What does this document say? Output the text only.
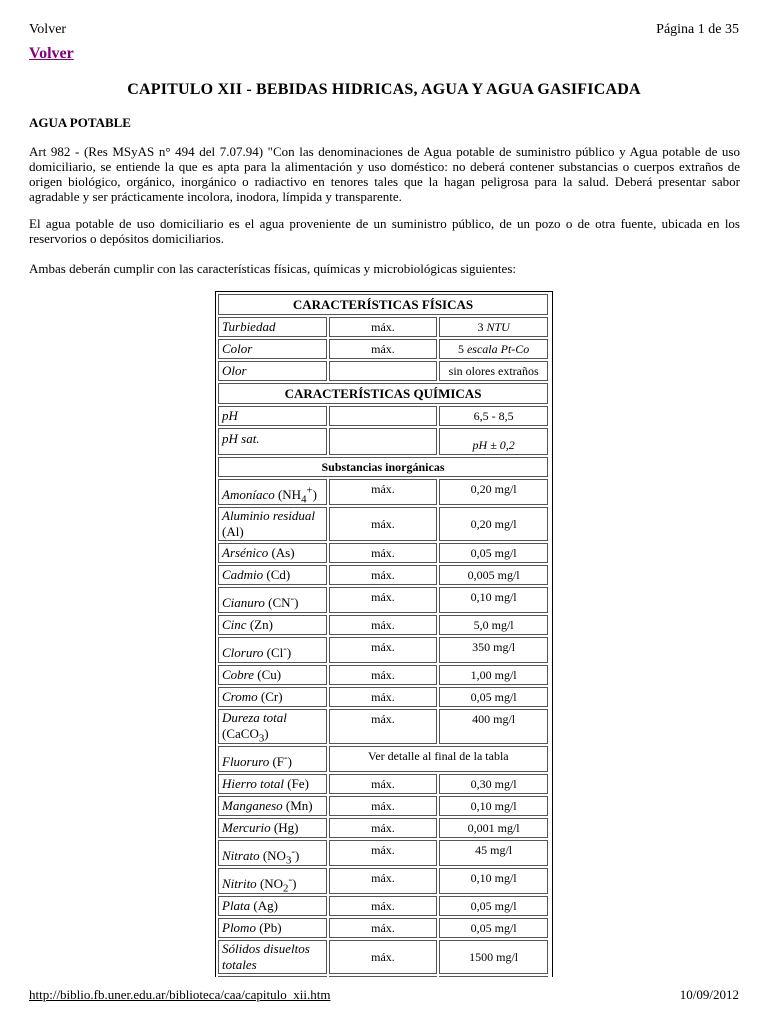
Volver	Página 1 de 35
Volver
CAPITULO XII - BEBIDAS HIDRICAS, AGUA Y AGUA GASIFICADA
AGUA POTABLE
Art 982 - (Res MSyAS n° 494 del 7.07.94) "Con las denominaciones de Agua potable de suministro público y Agua potable de uso domiciliario, se entiende la que es apta para la alimentación y uso doméstico: no deberá contener substancias o cuerpos extraños de origen biológico, orgánico, inorgánico o radiactivo en tenores tales que la hagan peligrosa para la salud. Deberá presentar sabor agradable y ser prácticamente incolora, inodora, límpida y transparente.
El agua potable de uso domiciliario es el agua proveniente de un suministro público, de un pozo o de otra fuente, ubicada en los reservorios o depósitos domiciliarios.
Ambas deberán cumplir con las características físicas, químicas y microbiológicas siguientes:
CARACTERÍSTICAS FÍSICAS		
Turbiedad	máx.	3 NTU
Color	máx.	5 escala Pt-Co
Olor		sin olores extraños
CARACTERÍSTICAS QUÍMICAS		
pH		6,5 - 8,5
pH sat.		pH ± 0,2
Substancias inorgánicas		
Amoníaco $(NH_4^+)$	máx.	0,20 mg/l
Aluminio residual (Al)	máx.	0,20 mg/l
Arsénico (As)	máx.	0,05 mg/l
Cadmio (Cd)	máx.	0,005 mg/l
Cianuro (CN-)	máx.	0,10 mg/l
Cinc (Zn)	máx.	5,0 mg/l
Cloruro (Cl-)	máx.	350 mg/l
Cobre (Cu)	máx.	1,00 mg/l
Cromo (Cr)	máx.	0,05 mg/l
Dureza total (CaCO$_3$)	máx.	400 mg/l
Fluoruro (F-)	Ver detalle al final de la tabla	
Hierro total (Fe)	máx.	0,30 mg/l
Manganeso (Mn)	máx.	0,10 mg/l
Mercurio (Hg)	máx.	0,001 mg/l
Nitrato $(NO_3^-)$	máx.	45 mg/l
Nitrito $(NO_2^-)$	máx.	0,10 mg/l
Plata (Ag)	máx.	0,05 mg/l
Plomo (Pb)	máx.	0,05 mg/l
Sólidos disueltos totales	máx.	1500 mg/l

http://biblio.fb.uner.edu.ar/biblioteca/caa/capitulo_xii.htm	10/09/2012
